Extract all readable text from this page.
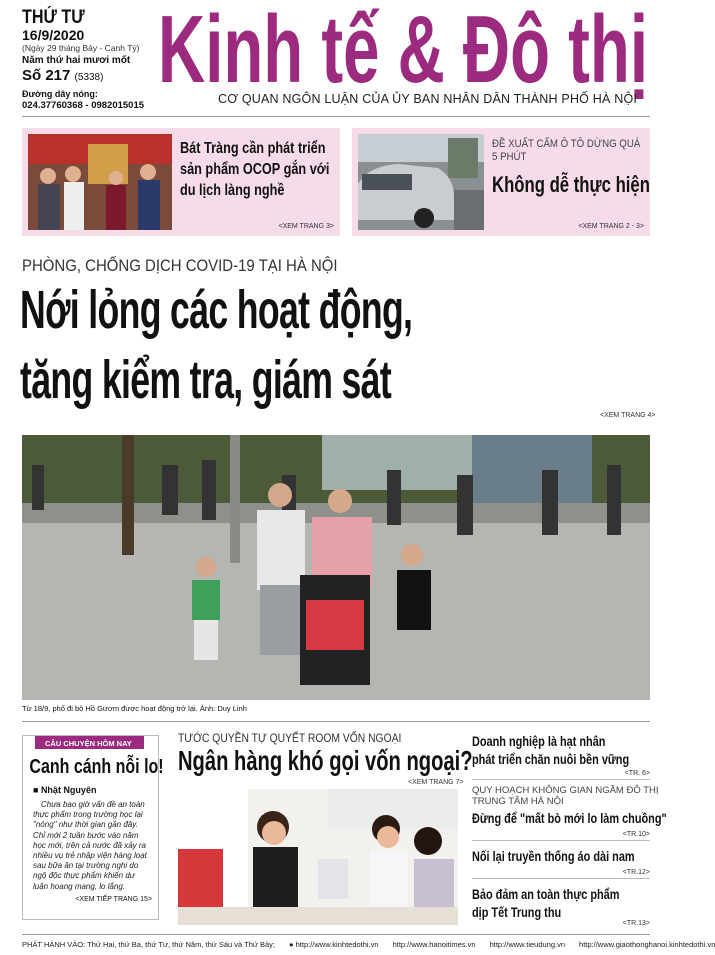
THỨ TƯ
16/9/2020
(Ngày 29 tháng Bảy - Canh Tý)
Năm thứ hai mươi mốt
Số 217 (5338)
Đường dây nóng:
024.37760368 - 0982015015
Kinh tế & Đô thị
CƠ QUAN NGÔN LUẬN CỦA ỦY BAN NHÂN DÂN THÀNH PHỐ HÀ NỘI
Bát Tràng cần phát triển sản phẩm OCOP gắn với du lịch làng nghề
<XEM TRANG 3>
ĐỀ XUẤT CẤM Ô TÔ DỪNG QUÁ 5 PHÚT
Không dễ thực hiện
<XEM TRANG 2 - 3>
PHÒNG, CHỐNG DỊCH COVID-19 TẠI HÀ NỘI
Nới lỏng các hoạt động,
tăng kiểm tra, giám sát
<XEM TRANG 4>
Từ 18/9, phố đi bộ Hồ Gươm được hoạt động trở lại. Ảnh: Duy Linh
CÂU CHUYỆN HÔM NAY
Canh cánh nỗi lo!
■ Nhật Nguyên
Chưa bao giờ vấn đề an toàn thực phẩm trong trường học lại "nóng" như thời gian gần đây. Chỉ mới 2 tuần bước vào năm học mới, trên cả nước đã xảy ra nhiều vụ trẻ nhập viện hàng loạt sau bữa ăn tại trường nghi do ngộ độc thực phẩm khiến dư luận hoang mang, lo lắng.
<XEM TIẾP TRANG 15>
TƯỚC QUYỀN TỰ QUYẾT ROOM VỐN NGOẠI
Ngân hàng khó gọi vốn ngoại?
<XEM TRANG 7>
Doanh nghiệp là hạt nhân
phát triển chăn nuôi bền vững
<TR. 6>
QUY HOẠCH KHÔNG GIAN NGẦM ĐÔ THỊ
TRUNG TÂM HÀ NỘI
Đừng để "mất bò mới lo làm chuồng"
<TR.10>
Nối lại truyền thống áo dài nam
<TR.12>
Bảo đảm an toàn thực phẩm
dịp Tết Trung thu
<TR.13>
PHÁT HÀNH VÀO: Thứ Hai, thứ Ba, thứ Tư, thứ Năm, thứ Sáu và Thứ Bảy; ● http://www.kinhtedothi.vn http://www.hanoitimes.vn http://www.tieudung.vn http://www.giaothonghanoi.kinhtedothi.vn
